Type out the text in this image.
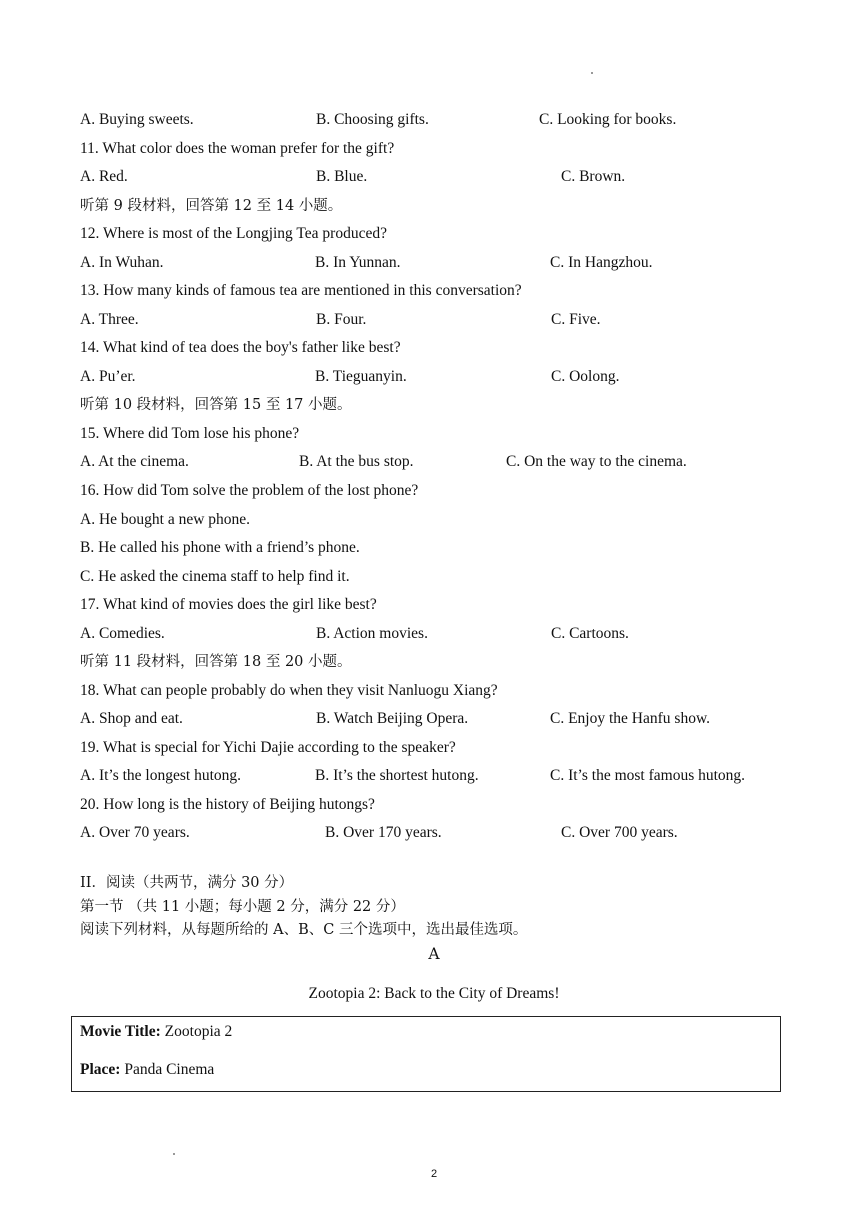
A. Buying sweets.	B. Choosing gifts.	C. Looking for books.
11. What color does the woman prefer for the gift?
A. Red.	B. Blue.	C. Brown.
听第 9 段材料，回答第 12 至 14 小题。
12. Where is most of the Longjing Tea produced?
A. In Wuhan.	B. In Yunnan.	C. In Hangzhou.
13. How many kinds of famous tea are mentioned in this conversation?
A. Three.	B. Four.	C. Five.
14. What kind of tea does the boy's father like best?
A. Pu’er.	B. Tieguanyin.	C. Oolong.
听第 10 段材料，回答第 15 至 17 小题。
15. Where did Tom lose his phone?
A. At the cinema.	B. At the bus stop.	C. On the way to the cinema.
16. How did Tom solve the problem of the lost phone?
A. He bought a new phone.
B. He called his phone with a friend’s phone.
C. He asked the cinema staff to help find it.
17. What kind of movies does the girl like best?
A. Comedies.	B. Action movies.	C. Cartoons.
听第 11 段材料，回答第 18 至 20 小题。
18. What can people probably do when they visit Nanluogu Xiang?
A. Shop and eat.	B. Watch Beijing Opera.	C. Enjoy the Hanfu show.
19. What is special for Yichi Dajie according to the speaker?
A. It’s the longest hutong.	B. It’s the shortest hutong.	C. It’s the most famous hutong.
20. How long is the history of Beijing hutongs?
A. Over 70 years.	B. Over 170 years.	C. Over 700 years.
II．阅读（共两节，满分 30 分）
第一节 （共 11 小题；每小题 2 分，满分 22 分）
阅读下列材料，从每题所给的 A、B、C 三个选项中，选出最佳选项。
A
Zootopia 2: Back to the City of Dreams!
Movie Title: Zootopia 2
Place: Panda Cinema
2
